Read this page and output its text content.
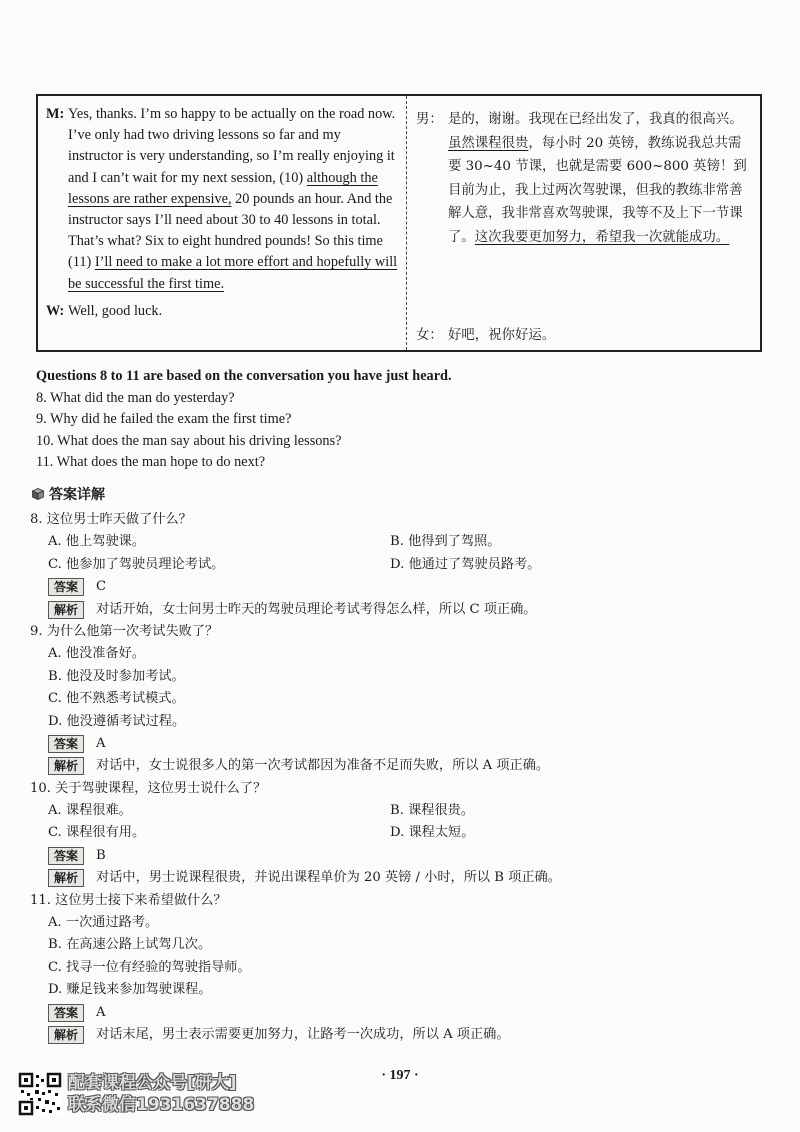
M: Yes, thanks. I’m so happy to be actually on the road now. I’ve only had two driving lessons so far and my instructor is very understanding, so I’m really enjoying it and I can’t wait for my next session, (10) although the lessons are rather expensive, 20 pounds an hour. And the instructor says I’ll need about 30 to 40 lessons in total. That’s what? Six to eight hundred pounds! So this time (11) I’ll need to make a lot more effort and hopefully will be successful the first time.
W: Well, good luck.
男： 是的，谢谢。我现在已经出发了，我真的很高兴。虽然课程很贵，每小时 20 英镑，教练说我总共需要 30~40 节课，也就是需要 600~800 英镑！到目前为止，我上过两次驾驶课，但我的教练非常善解人意，我非常喜欢驾驶课，我等不及上下一节课了。这次我要更加努力，希望我一次就能成功。
女： 好吧，祝你好运。
Questions 8 to 11 are based on the conversation you have just heard.
8. What did the man do yesterday?
9. Why did he failed the exam the first time?
10. What does the man say about his driving lessons?
11. What does the man hope to do next?
答案详解
8. 这位男士昨天做了什么？
A. 他上驾驶课。	B. 他得到了驾照。
C. 他参加了驾驶员理论考试。	D. 他通过了驾驶员路考。
答案	C
解析	对话开始，女士问男士昨天的驾驶员理论考试考得怎么样，所以 C 项正确。
9. 为什么他第一次考试失败了？
A. 他没准备好。
B. 他没及时参加考试。
C. 他不熟悉考试模式。
D. 他没遵循考试过程。
答案	A
解析	对话中，女士说很多人的第一次考试都因为准备不足而失败，所以 A 项正确。
10. 关于驾驶课程，这位男士说什么了？
A. 课程很难。	B. 课程很贵。
C. 课程很有用。	D. 课程太短。
答案	B
解析	对话中，男士说课程很贵，并说出课程单价为 20 英镑 / 小时，所以 B 项正确。
11. 这位男士接下来希望做什么？
A. 一次通过路考。
B. 在高速公路上试驾几次。
C. 找寻一位有经验的驾驶指导师。
D. 赚足钱来参加驾驶课程。
答案	A
解析	对话末尾，男士表示需要更加努力，让路考一次成功，所以 A 项正确。
配套课程公众号[研大]
联系微信1931637888
· 197 ·
